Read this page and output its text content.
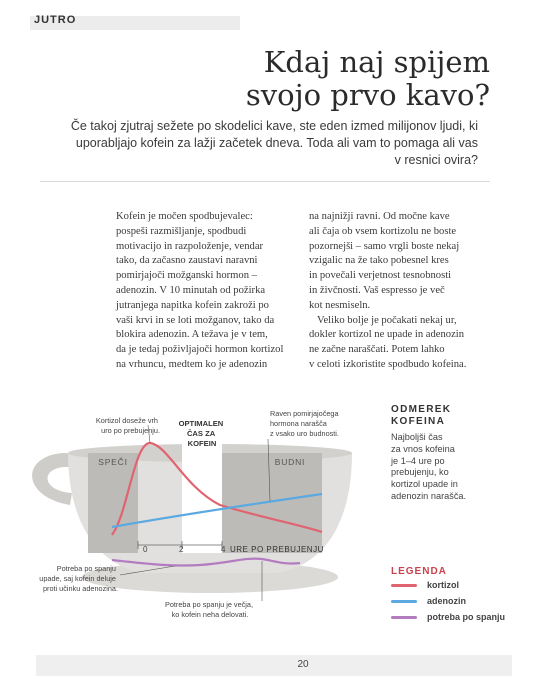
JUTRO
Kdaj naj spijem
svojo prvo kavo?
Če takoj zjutraj sežete po skodelici kave, ste eden izmed milijonov ljudi, ki uporabljajo kofein za lažji začetek dneva. Toda ali vam to pomaga ali vas v resnici ovira?

Kofein je močen spodbujevalec:
pospeši razmišljanje, spodbudi
motivacijo in razpoloženje, vendar
tako, da začasno zaustavi naravni
pomirjajoči možganski hormon –
adenozin. V 10 minutah od požirka
jutranjega napitka kofein zakroži po
vaši krvi in se loti možganov, tako da
blokira adenozin. A težava je v tem,
da je tedaj poživljajoči hormon kortizol
na vrhuncu, medtem ko je adenozin

na najnižji ravni. Od močne kave
ali čaja ob vsem kortizolu ne boste
pozornejši – samo vrgli boste nekaj
vzigalic na že tako pobesnel kres
in povečali verjetnost tesnobnosti
in živčnosti. Vaš espresso je več
kot nesmiseln.

Veliko bolje je počakati nekaj ur,
dokler kortizol ne upade in adenozin
ne začne naraščati. Potem lahko
v celoti izkoristite spodbudo kofeina.

SPEČI	BUDNI
OPTIMALEN ČAS ZA KOFEIN
0	2	4 URE PO PREBUJENJU
Kortizol doseže vrh uro po prebujenju.
Raven pomirjajočega hormona narašča z vsako uro budnosti.
Potreba po spanju upade, saj kofein deluje proti učinku adenozina.
Potreba po spanju je večja, ko kofein neha delovati.
ODMEREK
KOFEINA

Najboljši čas
za vnos kofeina
je 1–4 ure po
prebujenju, ko
kortizol upade in
adenozin narašča.

LEGENDA
kortizol
adenozin
potreba po spanju
20
